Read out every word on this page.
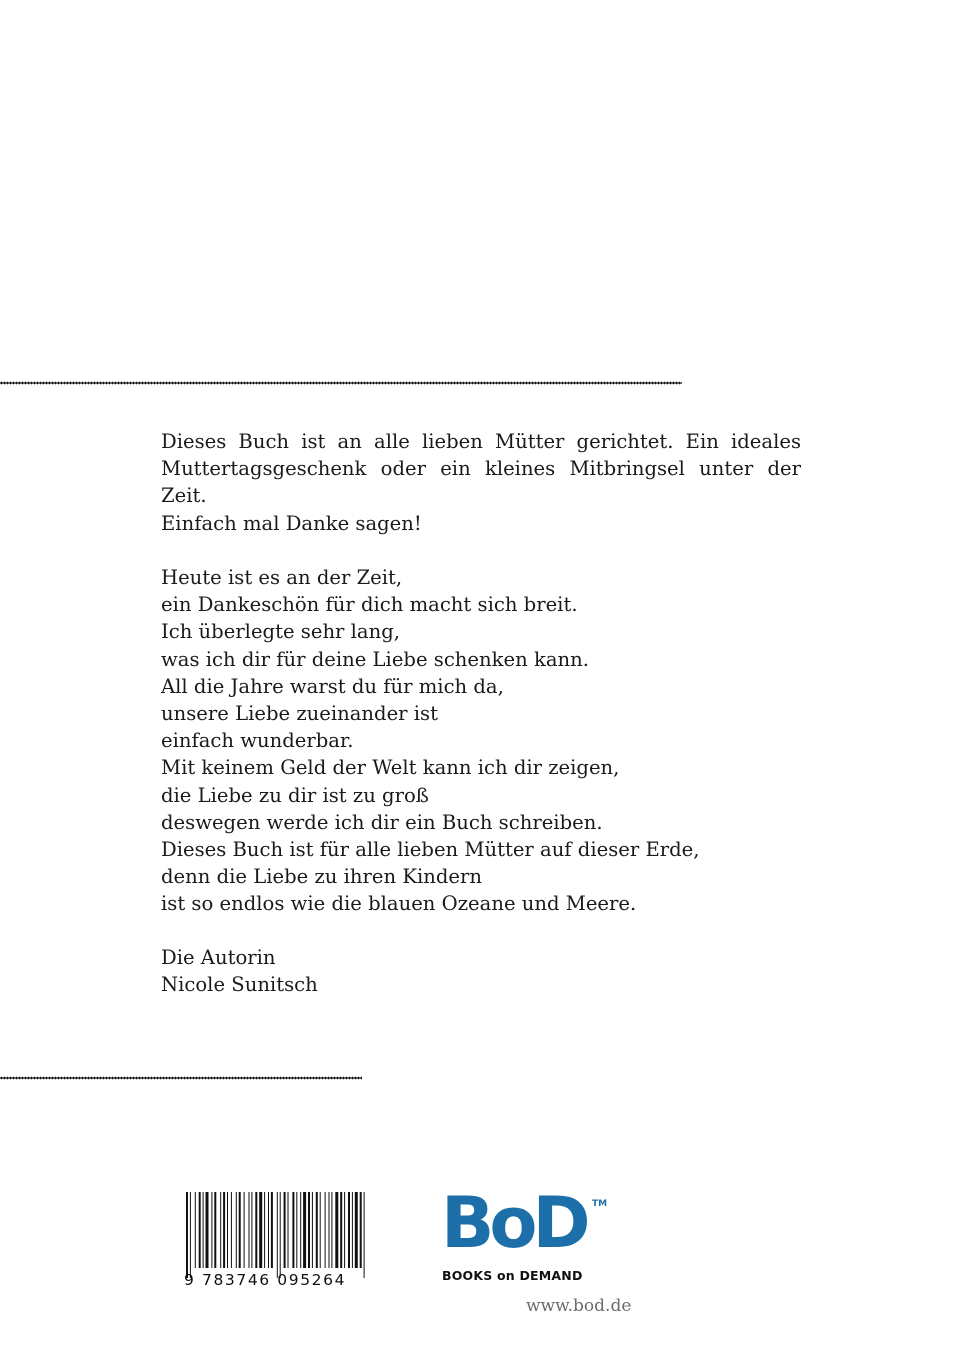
Dieses Buch ist an alle lieben Mütter gerichtet. Ein ideales
Muttertagsgeschenk oder ein kleines Mitbringsel unter der Zeit.
Einfach mal Danke sagen!
Heute ist es an der Zeit,
ein Dankeschön für dich macht sich breit.
Ich überlegte sehr lang,
was ich dir für deine Liebe schenken kann.
All die Jahre warst du für mich da,
unsere Liebe zueinander ist
einfach wunderbar.
Mit keinem Geld der Welt kann ich dir zeigen,
die Liebe zu dir ist zu groß
deswegen werde ich dir ein Buch schreiben.
Dieses Buch ist für alle lieben Mütter auf dieser Erde,
denn die Liebe zu ihren Kindern
ist so endlos wie die blauen Ozeane und Meere.
Die Autorin
Nicole Sunitsch
9 783746 095264
BoD TM
BOOKS on DEMAND
www.bod.de
